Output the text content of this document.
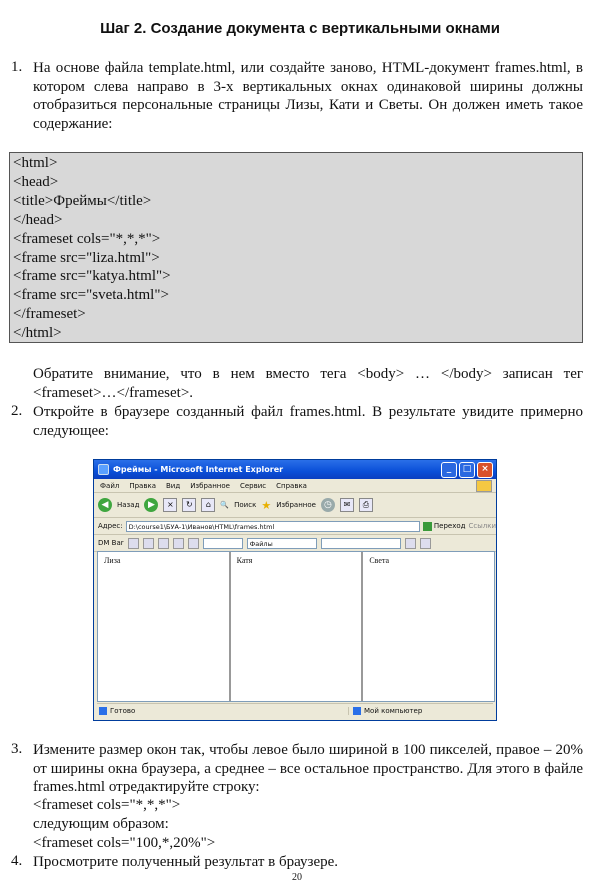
Шаг 2. Создание документа с вертикальными окнами
1. На основе файла template.html, или создайте заново, HTML-документ frames.html, в котором слева направо в 3-х вертикальных окнах одинаковой ширины должны отобразиться персональные страницы Лизы, Кати и Светы. Он должен иметь такое содержание:
<html>
<head>
<title>Фреймы</title>
</head>
<frameset cols="*,*,*">
<frame src="liza.html">
<frame src="katya.html">
<frame src="sveta.html">
</frameset>
</html>
Обратите внимание, что в нем вместо тега <body> … </body> записан тег <frameset>…</frameset>.
2. Откройте в браузере созданный файл frames.html. В результате увидите примерно следующее:
Фреймы - Microsoft Internet Explorer	_	□	×
Файл Правка Вид Избранное Сервис Справка
◀	Назад ▶	×	↻	⌂	🔍 Поиск ★ Избранное ◷	✉	⎙
Адрес: D:\course1\БУА-1\Иванов\HTML\frames.html	Переход Ссылки
DM Bar	Файлы
Лиза	Катя	Света
Готово	Мой компьютер
3. Измените размер окон так, чтобы левое было шириной в 100 пикселей, правое – 20% от ширины окна браузера, а среднее – все остальное пространство. Для этого в файле frames.html отредактируйте строку:
<frameset cols="*,*,*">
следующим образом:
<frameset cols="100,*,20%">
4. Просмотрите полученный результат в браузере.
20
